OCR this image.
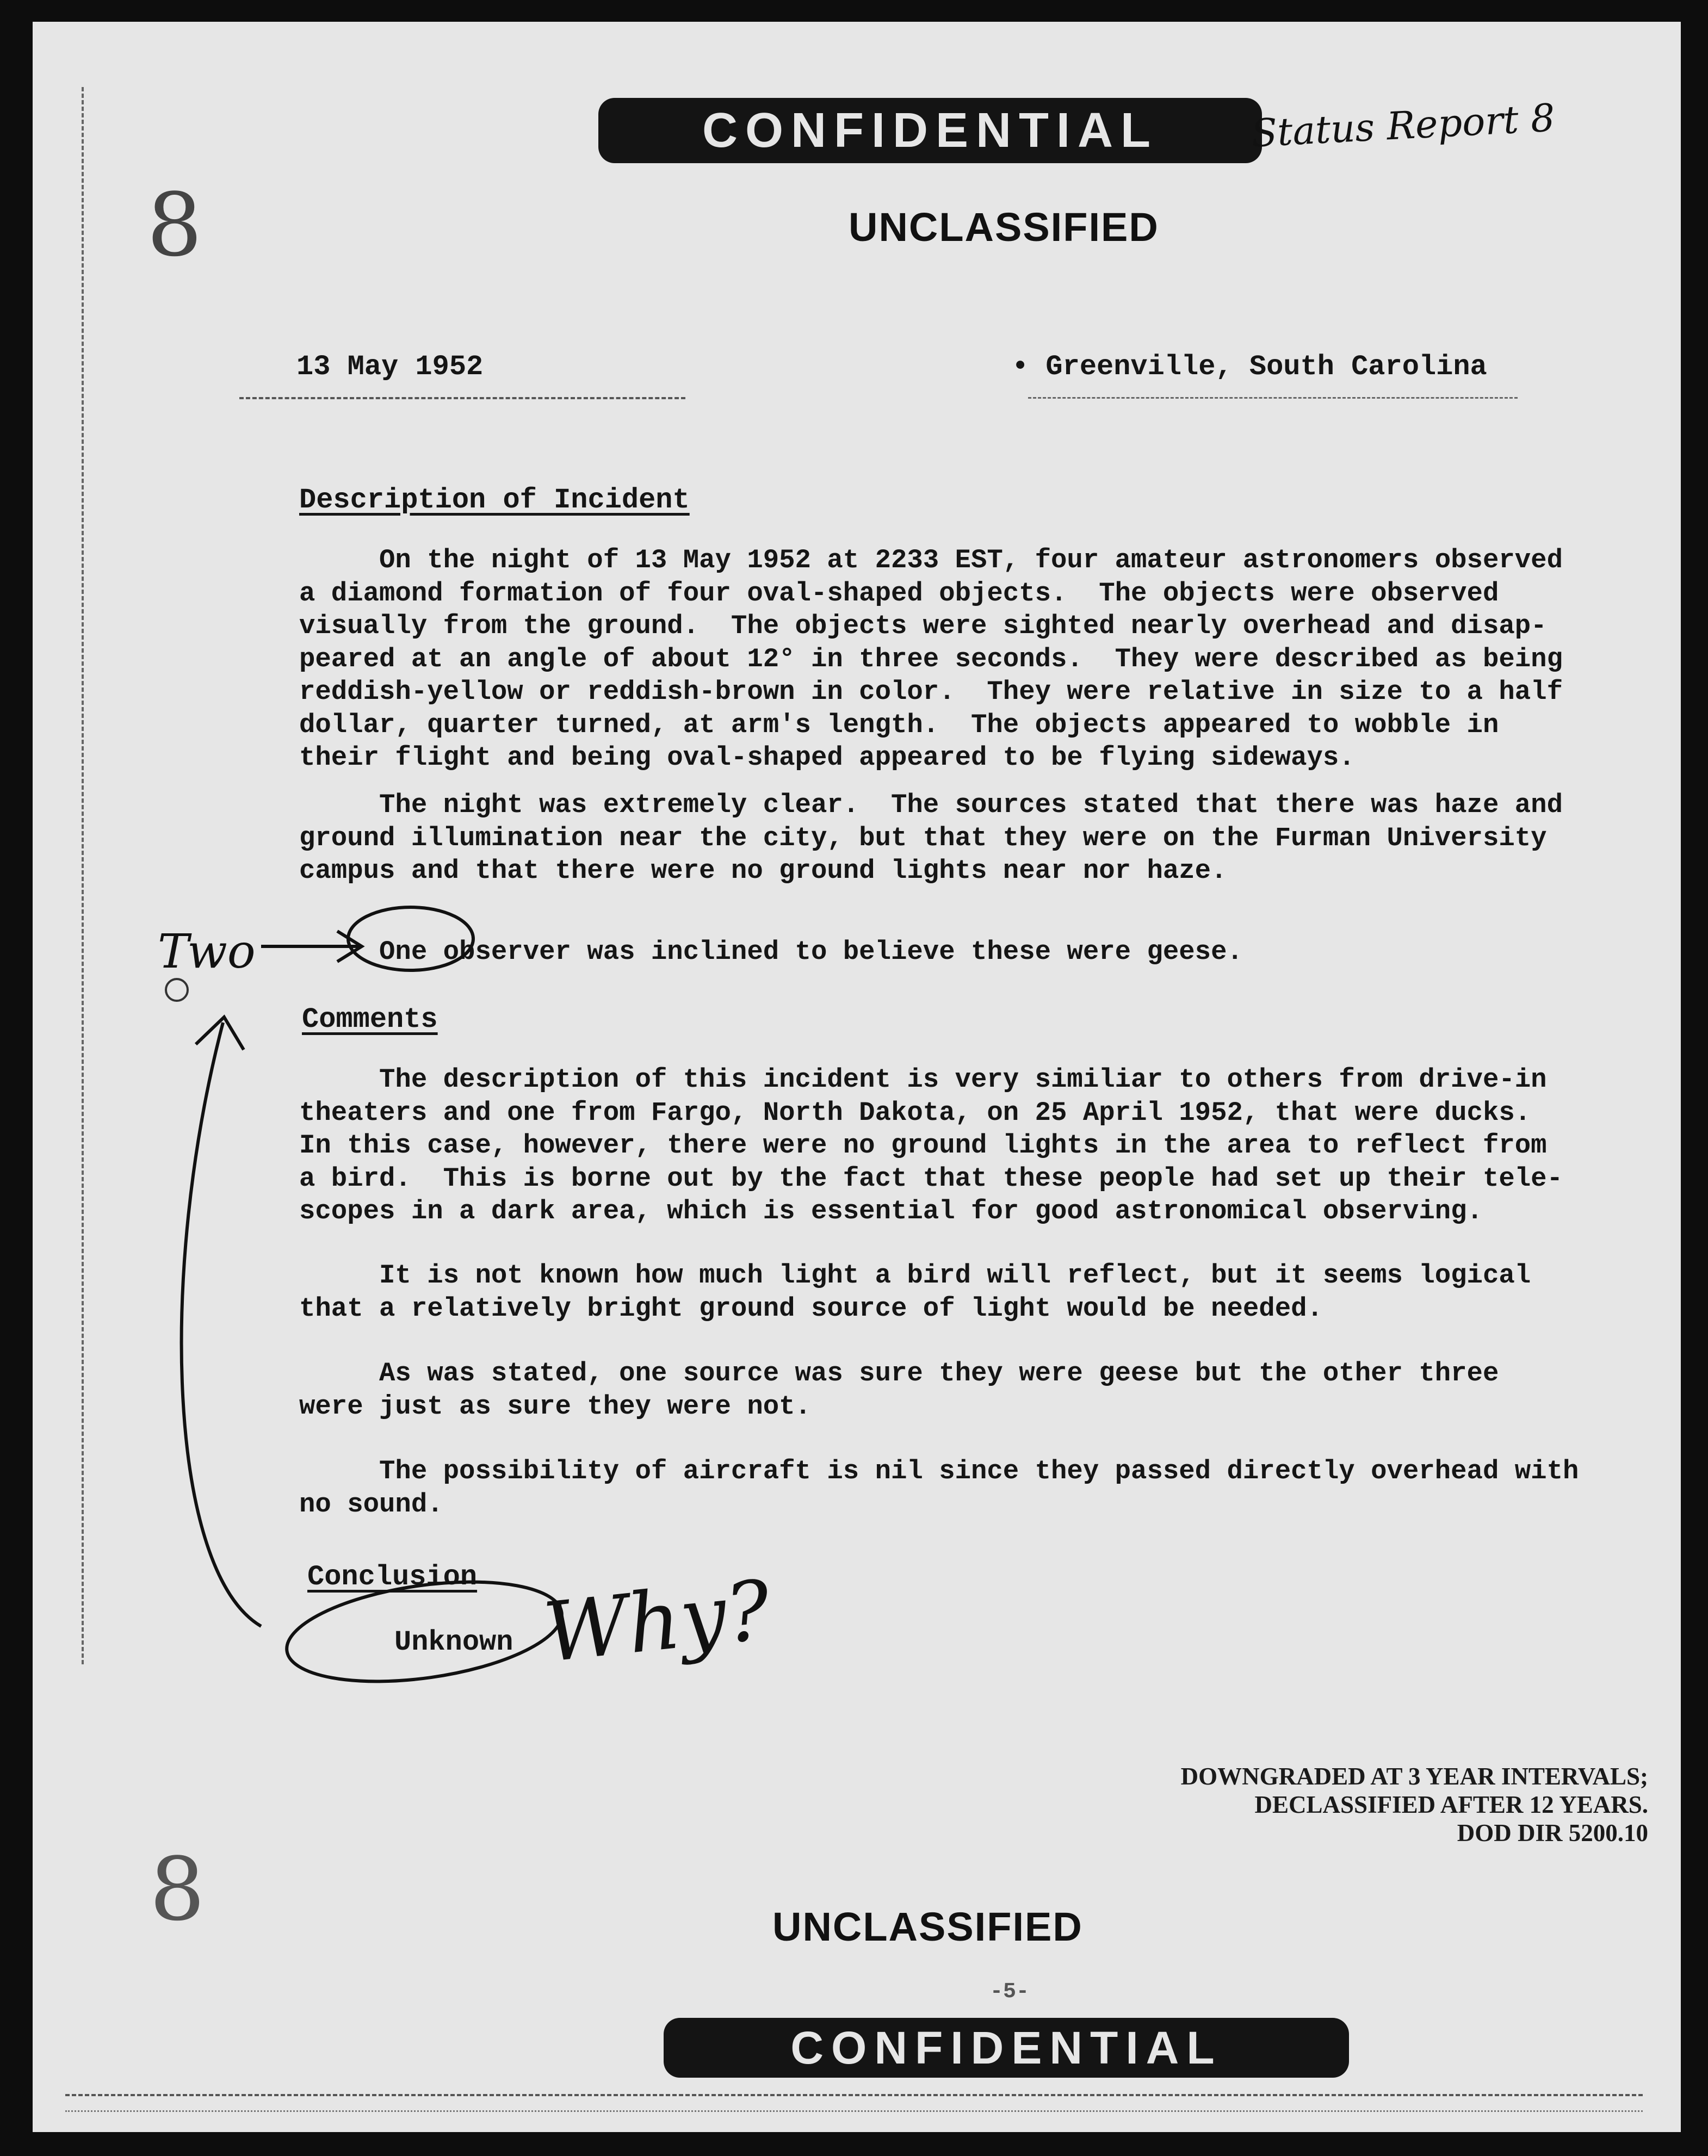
CONFIDENTIAL	Status Report 8
8	UNCLASSIFIED
13 May 1952	• Greenville, South Carolina
Description of Incident
On the night of 13 May 1952 at 2233 EST, four amateur astronomers observed
a diamond formation of four oval-shaped objects.  The objects were observed
visually from the ground.  The objects were sighted nearly overhead and disap-
peared at an angle of about 12° in three seconds.  They were described as being
reddish-yellow or reddish-brown in color.  They were relative in size to a half
dollar, quarter turned, at arm's length.  The objects appeared to wobble in
their flight and being oval-shaped appeared to be flying sideways.
The night was extremely clear.  The sources stated that there was haze and
ground illumination near the city, but that they were on the Furman University
campus and that there were no ground lights near nor haze.
One observer was inclined to believe these were geese.
Comments
The description of this incident is very similiar to others from drive-in
theaters and one from Fargo, North Dakota, on 25 April 1952, that were ducks.
In this case, however, there were no ground lights in the area to reflect from
a bird.  This is borne out by the fact that these people had set up their tele-
scopes in a dark area, which is essential for good astronomical observing.
It is not known how much light a bird will reflect, but it seems logical
that a relatively bright ground source of light would be needed.
As was stated, one source was sure they were geese but the other three
were just as sure they were not.
The possibility of aircraft is nil since they passed directly overhead with
no sound.
Conclusion
Unknown
Two
Why?
DOWNGRADED AT 3 YEAR INTERVALS;
DECLASSIFIED AFTER 12 YEARS.
DOD DIR 5200.10
8	UNCLASSIFIED
-5-
CONFIDENTIAL
